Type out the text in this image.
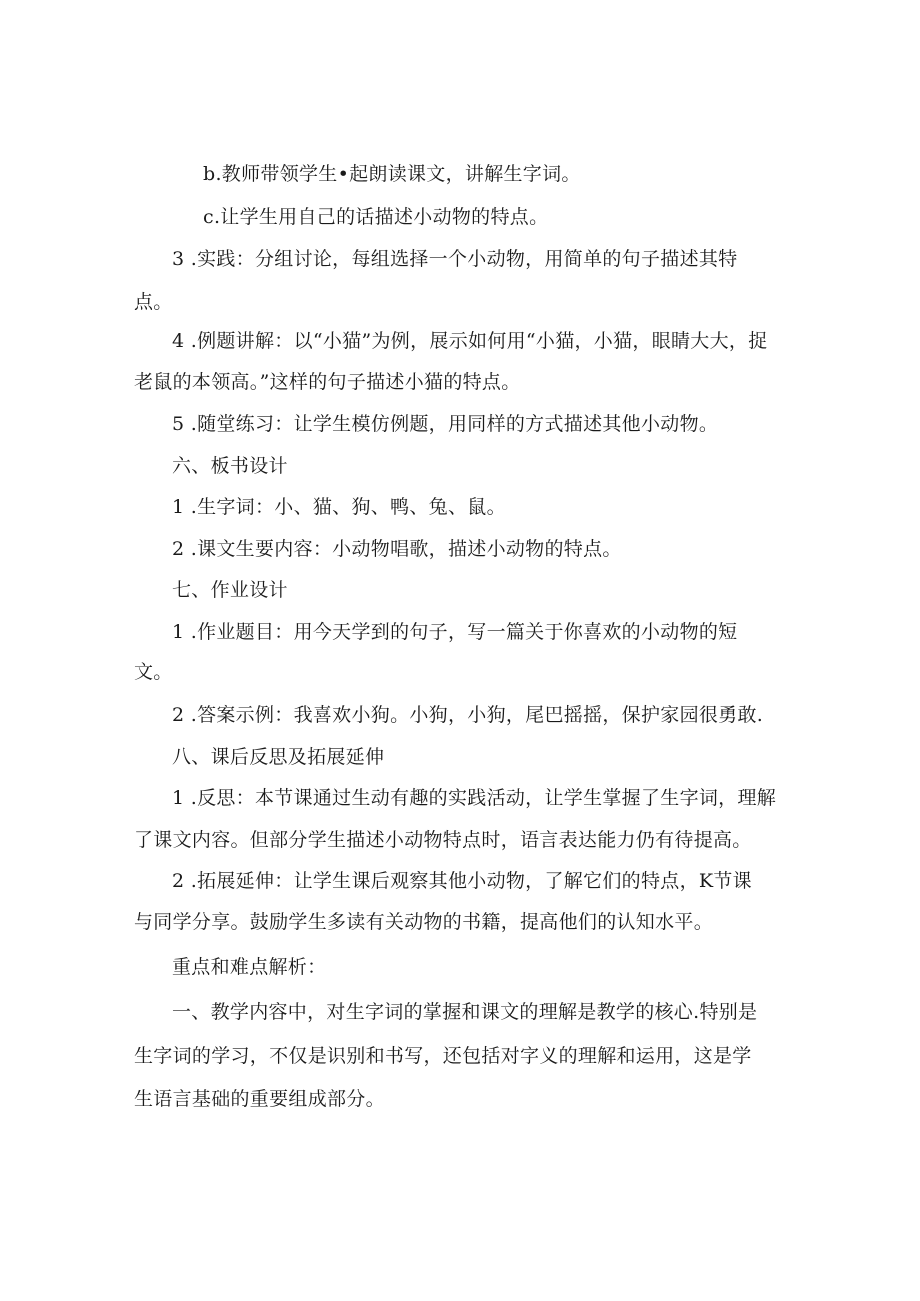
b.教师带领学生•起朗读课文，讲解生字词。
c.让学生用自己的话描述小动物的特点。
3 .实践：分组讨论，每组选择一个小动物，用简单的句子描述其特
点。
4 .例题讲解：以“小猫”为例，展示如何用“小猫，小猫，眼睛大大，捉
老鼠的本领高。”这样的句子描述小猫的特点。
5 .随堂练习：让学生模仿例题，用同样的方式描述其他小动物。
六、板书设计
1 .生字词：小、猫、狗、鸭、兔、鼠。
2 .课文生要内容：小动物唱歌，描述小动物的特点。
七、作业设计
1 .作业题目：用今天学到的句子，写一篇关于你喜欢的小动物的短
文。
2 .答案示例：我喜欢小狗。小狗，小狗，尾巴摇摇，保护家园很勇敢.
八、课后反思及拓展延伸
1 .反思：本节课通过生动有趣的实践活动，让学生掌握了生字词，理解
了课文内容。但部分学生描述小动物特点时，语言表达能力仍有待提高。
2 .拓展延伸：让学生课后观察其他小动物，了解它们的特点，K节课
与同学分享。鼓励学生多读有关动物的书籍，提高他们的认知水平。
重点和难点解析：
一、教学内容中，对生字词的掌握和课文的理解是教学的核心.特别是
生字词的学习，不仅是识别和书写，还包括对字义的理解和运用，这是学
生语言基础的重要组成部分。
